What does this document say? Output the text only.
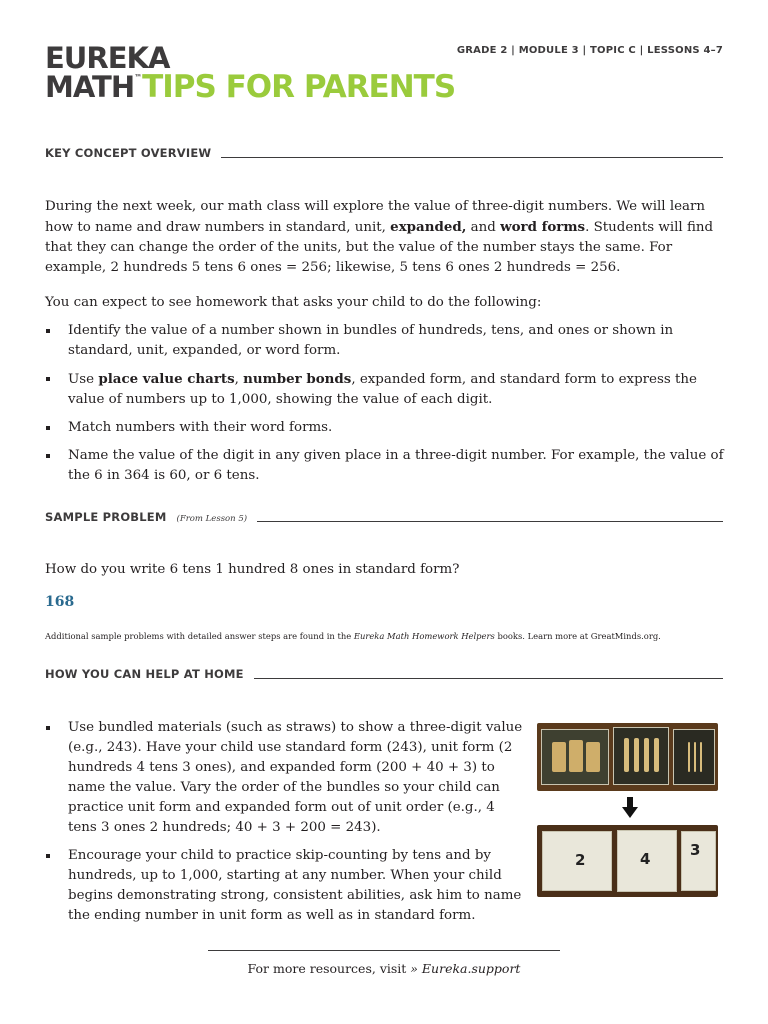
EUREKA
MATH™TIPS FOR PARENTS
GRADE 2 | MODULE 3 | TOPIC C | LESSONS 4–7
KEY CONCEPT OVERVIEW

During the next week, our math class will explore the value of three-digit numbers. We will learn how to name and draw numbers in standard, unit, expanded, and word forms. Students will find that they can change the order of the units, but the value of the number stays the same. For example, 2 hundreds 5 tens 6 ones = 256; likewise, 5 tens 6 ones 2 hundreds = 256.

You can expect to see homework that asks your child to do the following:

Identify the value of a number shown in bundles of hundreds, tens, and ones or shown in standard, unit, expanded, or word form.
Use place value charts, number bonds, expanded form, and standard form to express the value of numbers up to 1,000, showing the value of each digit.
Match numbers with their word forms.
Name the value of the digit in any given place in a three-digit number. For example, the value of the 6 in 364 is 60, or 6 tens.
SAMPLE PROBLEM (From Lesson 5)

How do you write 6 tens 1 hundred 8 ones in standard form?

168

Additional sample problems with detailed answer steps are found in the Eureka Math Homework Helpers books. Learn more at GreatMinds.org.

HOW YOU CAN HELP AT HOME
Use bundled materials (such as straws) to show a three-digit value (e.g., 243). Have your child use standard form (243), unit form (2 hundreds 4 tens 3 ones), and expanded form (200 + 40 + 3) to name the value. Vary the order of the bundles so your child can practice unit form and expanded form out of unit order (e.g., 4 tens 3 ones 2 hundreds; 40 + 3 + 200 = 243).
Encourage your child to practice skip-counting by tens and by hundreds, up to 1,000, starting at any number. When your child begins demonstrating strong, consistent abilities, ask him to name the ending number in unit form as well as in standard form.
2	4	3
For more resources, visit » Eureka.support
